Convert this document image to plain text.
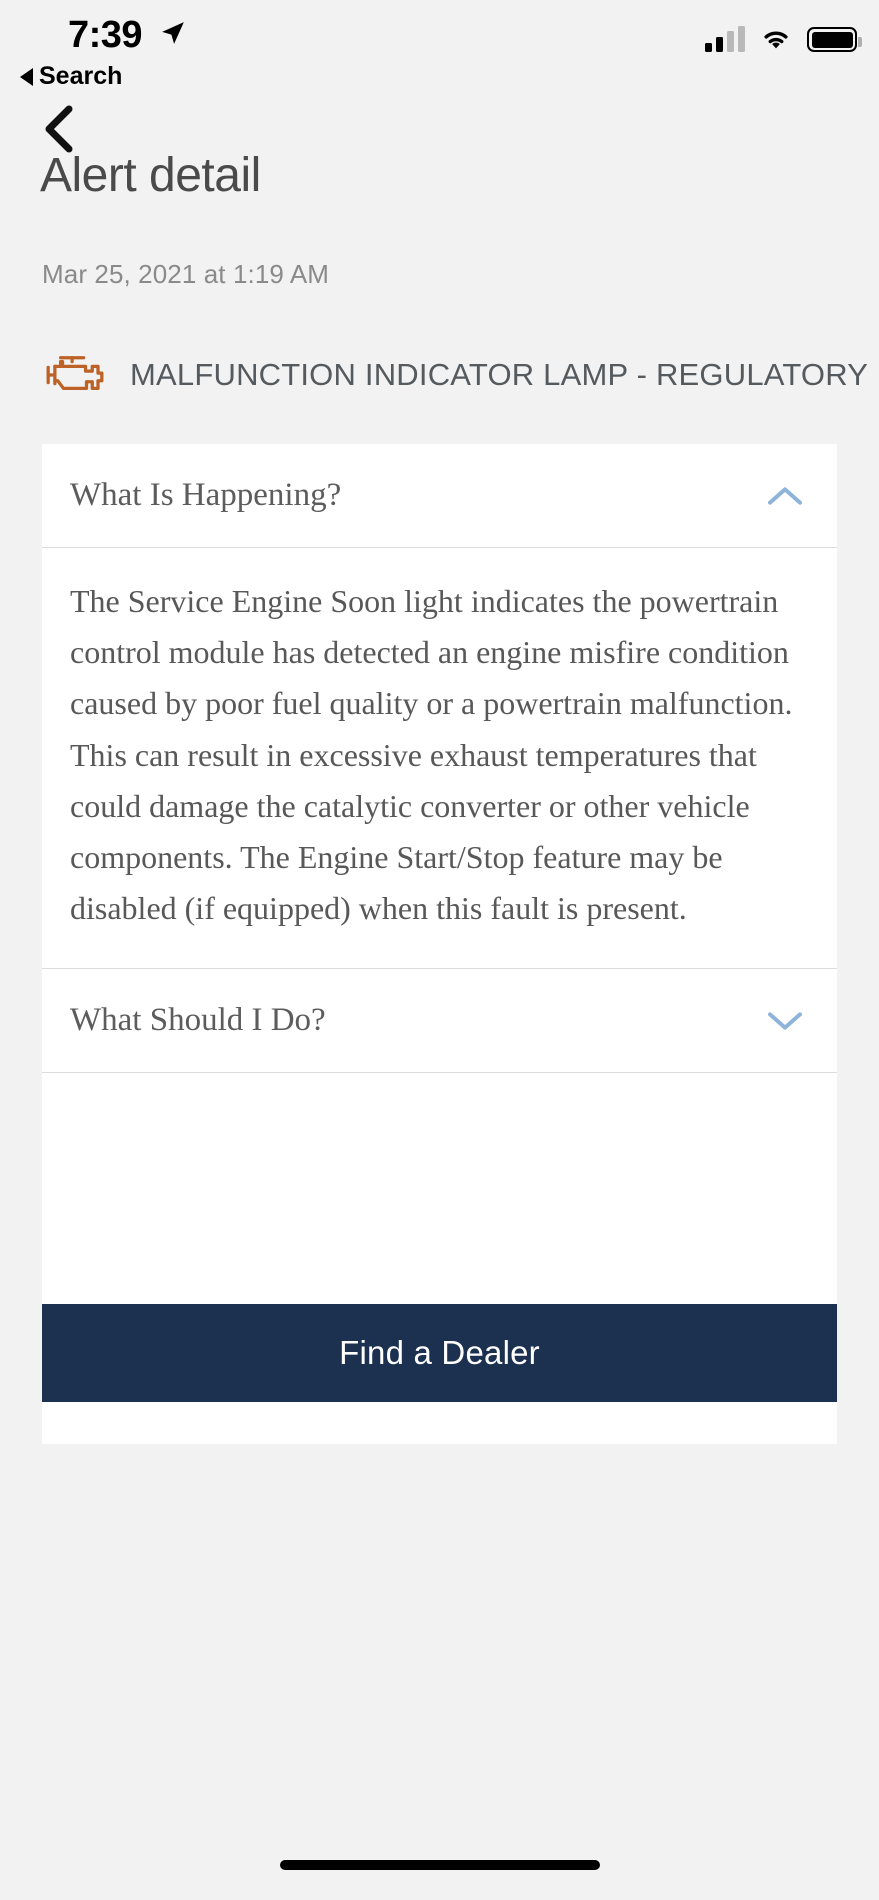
7:39
Search
Alert detail
Mar 25, 2021 at 1:19 AM
MALFUNCTION INDICATOR LAMP - REGULATORY
What Is Happening?

The Service Engine Soon light indicates the powertrain control module has detected an engine misfire condition caused by poor fuel quality or a powertrain malfunction. This can result in excessive exhaust temperatures that could damage the catalytic converter or other vehicle components. The Engine Start/Stop feature may be disabled (if equipped) when this fault is present.

What Should I Do?
Find a Dealer
